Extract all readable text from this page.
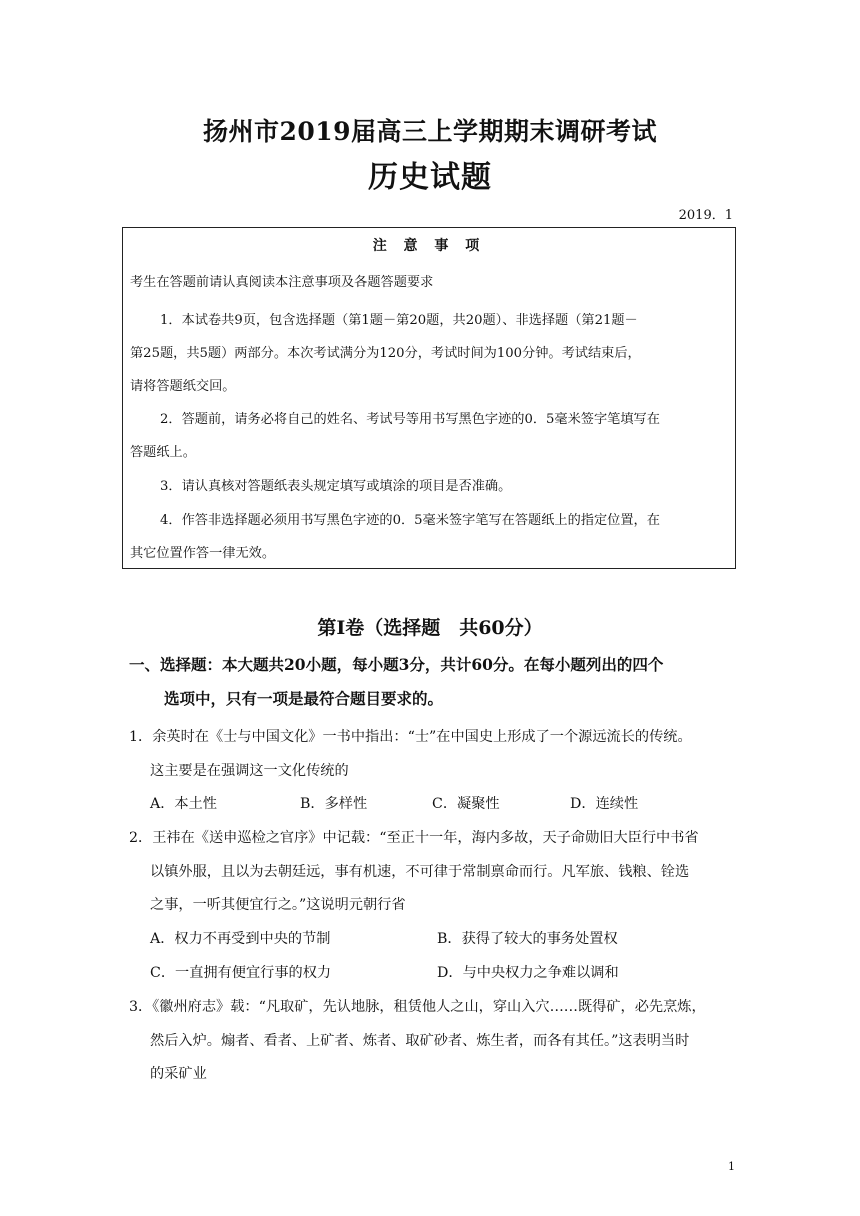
扬州市2019届高三上学期期末调研考试
历史试题
2019．1
注 意 事 项
考生在答题前请认真阅读本注意事项及各题答题要求
1．本试卷共9页，包含选择题（第1题－第20题，共20题）、非选择题（第21题－
第25题，共5题）两部分。本次考试满分为120分，考试时间为100分钟。考试结束后，
请将答题纸交回。
2．答题前，请务必将自己的姓名、考试号等用书写黑色字迹的0．5毫米签字笔填写在
答题纸上。
3．请认真核对答题纸表头规定填写或填涂的项目是否准确。
4．作答非选择题必须用书写黑色字迹的0．5毫米签字笔写在答题纸上的指定位置，在
其它位置作答一律无效。
第Ⅰ卷（选择题　共60分）
一、选择题：本大题共20小题，每小题3分，共计60分。在每小题列出的四个
选项中，只有一项是最符合题目要求的。
1．余英时在《士与中国文化》一书中指出：“士”在中国史上形成了一个源远流长的传统。
这主要是在强调这一文化传统的
A．本土性	B．多样性	C．凝聚性	D．连续性
2．王祎在《送申巡检之官序》中记载：“至正十一年，海内多故，天子命勋旧大臣行中书省
以镇外服，且以为去朝廷远，事有机速，不可律于常制禀命而行。凡军旅、钱粮、铨选
之事，一听其便宜行之。”这说明元朝行省
A．权力不再受到中央的节制	B．获得了较大的事务处置权
C．一直拥有便宜行事的权力	D．与中央权力之争难以调和
3．《徽州府志》载：“凡取矿，先认地脉，租赁他人之山，穿山入穴……既得矿，必先烹炼，
然后入炉。煽者、看者、上矿者、炼者、取矿砂者、炼生者，而各有其任。”这表明当时
的采矿业
1
